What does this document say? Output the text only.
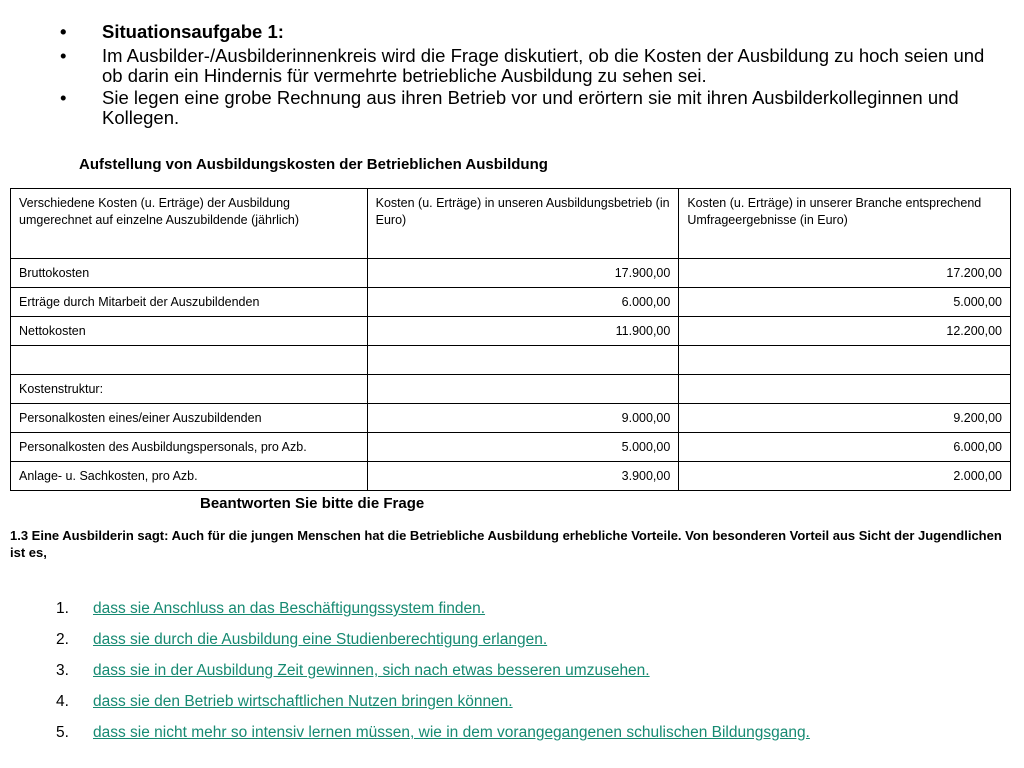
• Situationsaufgabe 1:
• Im Ausbilder-/Ausbilderinnenkreis wird die Frage diskutiert, ob die Kosten der Ausbildung zu hoch seien und ob darin ein Hindernis für vermehrte betriebliche Ausbildung zu sehen sei.
• Sie legen eine grobe Rechnung aus ihren Betrieb vor und erörtern sie mit ihren Ausbilderkolleginnen und Kollegen.
Aufstellung von Ausbildungskosten der Betrieblichen Ausbildung
Verschiedene Kosten (u. Erträge) der Ausbildung umgerechnet auf einzelne Auszubildende (jährlich)	Kosten (u. Erträge) in unseren Ausbildungsbetrieb (in Euro)	Kosten (u. Erträge) in unserer Branche entsprechend Umfrageergebnisse (in Euro)
Bruttokosten	17.900,00	17.200,00
Erträge durch Mitarbeit der Auszubildenden	6.000,00	5.000,00
Nettokosten	11.900,00	12.200,00

Kostenstruktur:		
Personalkosten eines/einer Auszubildenden	9.000,00	9.200,00
Personalkosten des Ausbildungspersonals, pro Azb.	5.000,00	6.000,00
Anlage- u. Sachkosten, pro Azb.	3.900,00	2.000,00
Beantworten Sie bitte die Frage
1.3 Eine Ausbilderin sagt: Auch für die jungen Menschen hat die Betriebliche Ausbildung erhebliche Vorteile. Von besonderen Vorteil aus Sicht der Jugendlichen ist es,
1. dass sie Anschluss an das Beschäftigungssystem finden.
2. dass sie durch die Ausbildung eine Studienberechtigung erlangen.
3. dass sie in der Ausbildung Zeit gewinnen, sich nach etwas besseren umzusehen.
4. dass sie den Betrieb wirtschaftlichen Nutzen bringen können.
5. dass sie nicht mehr so intensiv lernen müssen, wie in dem vorangegangenen schulischen Bildungsgang.
